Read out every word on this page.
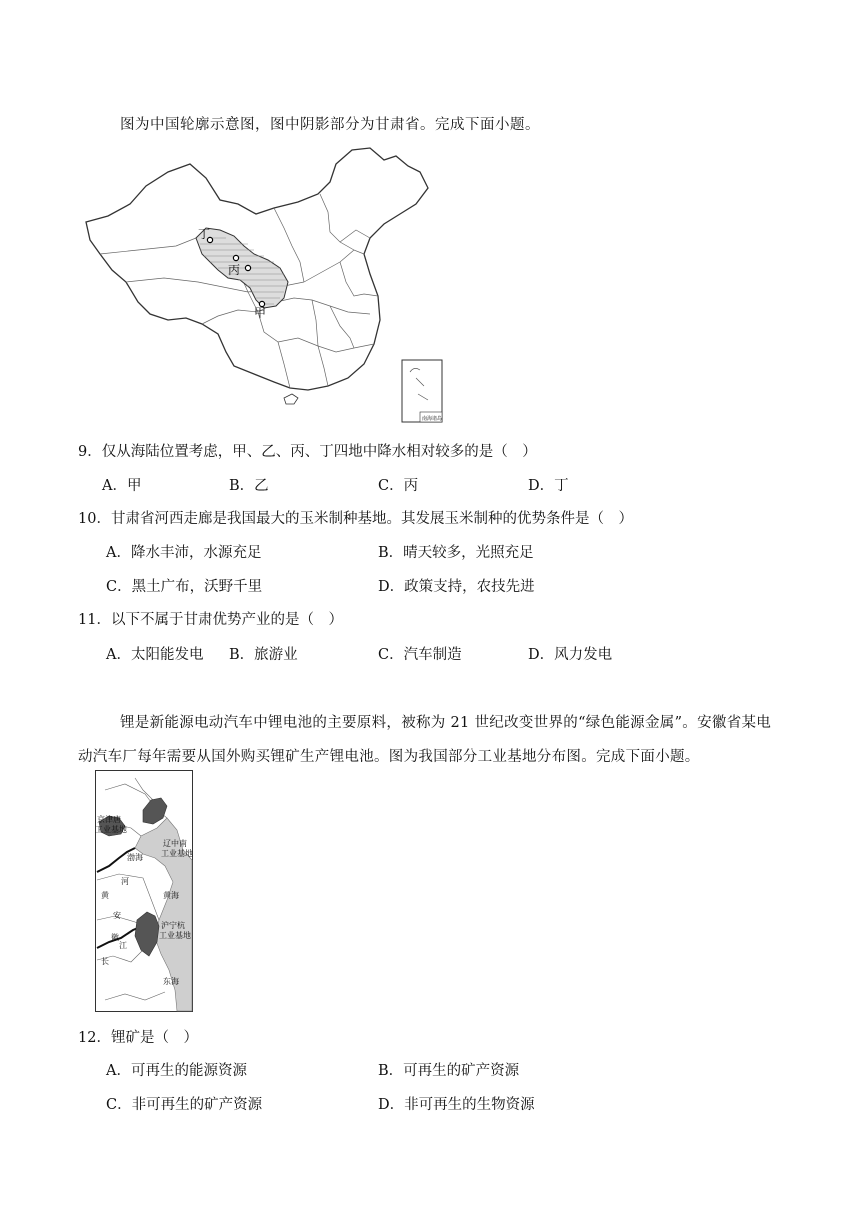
图为中国轮廓示意图，图中阴影部分为甘肃省。完成下面小题。
丁
丙
甲
南海诸岛
9．仅从海陆位置考虑，甲、乙、丙、丁四地中降水相对较多的是（　）
A．甲	B．乙	C．丙	D．丁
10．甘肃省河西走廊是我国最大的玉米制种基地。其发展玉米制种的优势条件是（　）
A．降水丰沛，水源充足	B．晴天较多，光照充足
C．黑土广布，沃野千里	D．政策支持，农技先进
11．以下不属于甘肃优势产业的是（　）
A．太阳能发电 B．旅游业	C．汽车制造	D．风力发电
锂是新能源电动汽车中锂电池的主要原料，被称为 21 世纪改变世界的“绿色能源金属”。安徽省某电
动汽车厂每年需要从国外购买锂矿生产锂电池。图为我国部分工业基地分布图。完成下面小题。
京津唐
工业基地
渤海
辽中南
工业基地
河
黄	黄海
安
徽
江
长
沪宁杭
工业基地
东海
12．锂矿是（　）
A．可再生的能源资源	B．可再生的矿产资源
C．非可再生的矿产资源	D．非可再生的生物资源
